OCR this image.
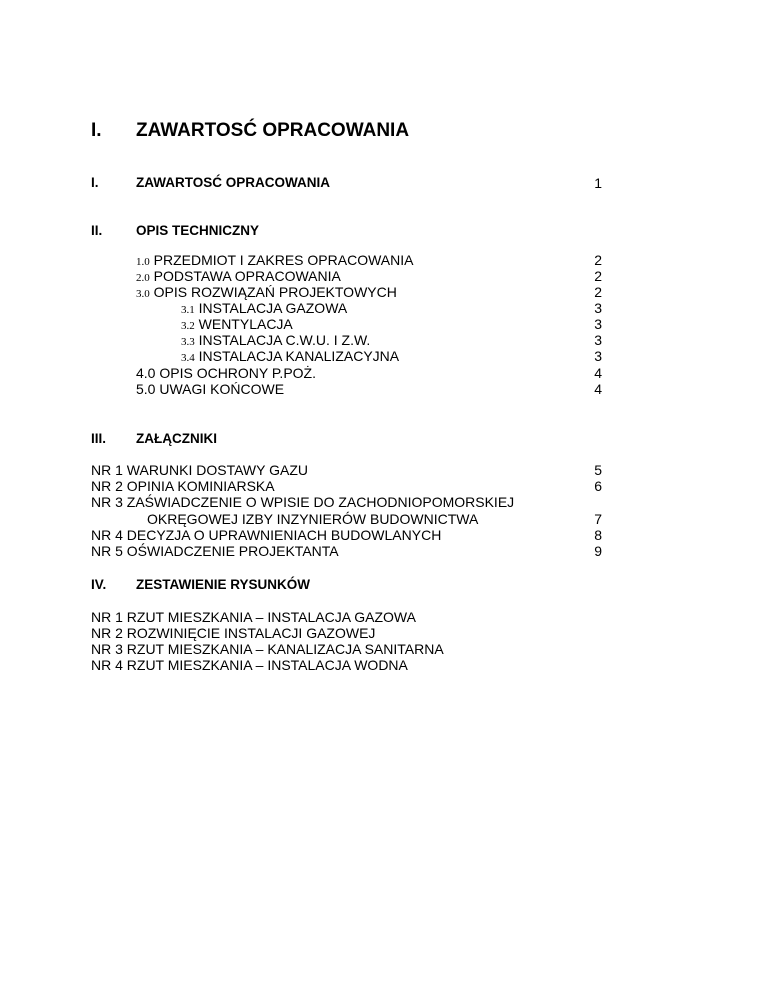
I. ZAWARTOSĆ OPRACOWANIA
I.	ZAWARTOSĆ OPRACOWANIA	1
II. OPIS TECHNICZNY
1.0 PRZEDMIOT I ZAKRES OPRACOWANIA	2
2.0 PODSTAWA OPRACOWANIA	2
3.0 OPIS ROZWIĄZAŃ PROJEKTOWYCH	2
3.1 INSTALACJA GAZOWA	3
3.2 WENTYLACJA	3
3.3 INSTALACJA C.W.U. I Z.W.	3
3.4 INSTALACJA KANALIZACYJNA	3
4.0 OPIS OCHRONY P.POŻ.	4
5.0 UWAGI KOŃCOWE	4
III. ZAŁĄCZNIKI
NR 1 WARUNKI DOSTAWY GAZU	5
NR 2 OPINIA KOMINIARSKA	6
NR 3 ZAŚWIADCZENIE O WPISIE DO ZACHODNIOPOMORSKIEJ
OKRĘGOWEJ IZBY INZYNIERÓW BUDOWNICTWA	7
NR 4 DECYZJA O UPRAWNIENIACH BUDOWLANYCH	8
NR 5 OŚWIADCZENIE PROJEKTANTA	9
IV. ZESTAWIENIE RYSUNKÓW
NR 1 RZUT MIESZKANIA – INSTALACJA GAZOWA
NR 2 ROZWINIĘCIE INSTALACJI GAZOWEJ
NR 3 RZUT MIESZKANIA – KANALIZACJA SANITARNA
NR 4 RZUT MIESZKANIA – INSTALACJA WODNA
